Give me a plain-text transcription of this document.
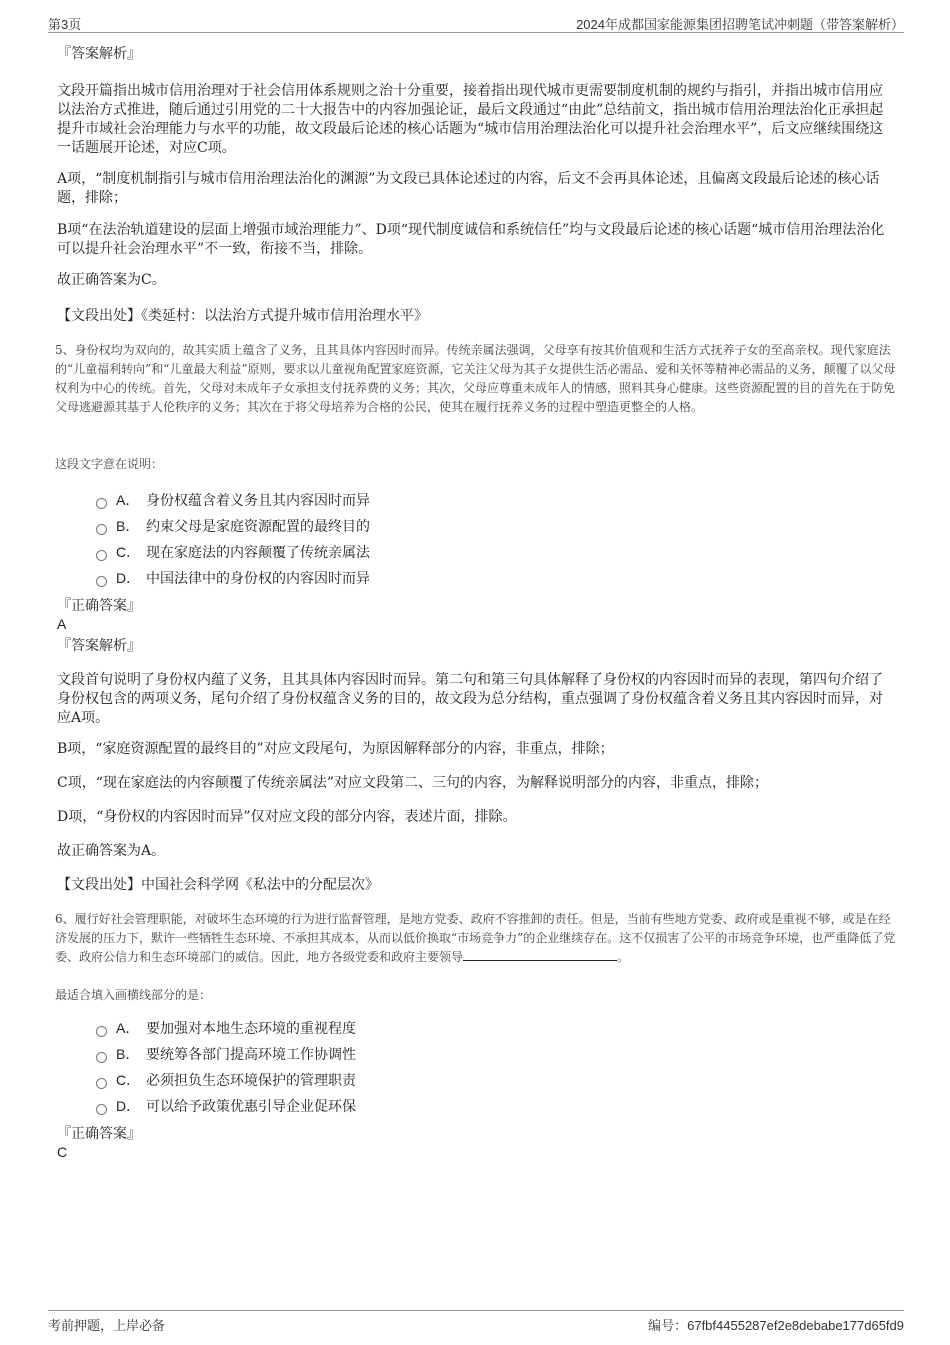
第3页	2024年成都国家能源集团招聘笔试冲刺题（带答案解析）
『答案解析』
文段开篇指出城市信用治理对于社会信用体系规则之治十分重要，接着指出现代城市更需要制度机制的规约与指引，并指出城市信用应以法治方式推进，随后通过引用党的二十大报告中的内容加强论证，最后文段通过“由此”总结前文，指出城市信用治理法治化正承担起提升市域社会治理能力与水平的功能，故文段最后论述的核心话题为“城市信用治理法治化可以提升社会治理水平”，后文应继续围绕这一话题展开论述，对应C项。
A项，“制度机制指引与城市信用治理法治化的渊源”为文段已具体论述过的内容，后文不会再具体论述，且偏离文段最后论述的核心话题，排除；
B项“在法治轨道建设的层面上增强市域治理能力”、D项“现代制度诚信和系统信任”均与文段最后论述的核心话题“城市信用治理法治化可以提升社会治理水平”不一致，衔接不当，排除。
故正确答案为C。
【文段出处】《类延村：以法治方式提升城市信用治理水平》
5、身份权均为双向的，故其实质上蕴含了义务，且其具体内容因时而异。传统亲属法强调，父母享有按其价值观和生活方式抚养子女的至高亲权。现代家庭法的“儿童福利转向”和“儿童最大利益”原则，要求以儿童视角配置家庭资源，它关注父母为其子女提供生活必需品、爱和关怀等精神必需品的义务，颠覆了以父母权利为中心的传统。首先，父母对未成年子女承担支付抚养费的义务；其次，父母应尊重未成年人的情感，照料其身心健康。这些资源配置的目的首先在于防免父母逃避源其基于人伦秩序的义务；其次在于将父母培养为合格的公民，使其在履行抚养义务的过程中塑造更整全的人格。
这段文字意在说明：
A． 身份权蕴含着义务且其内容因时而异
B． 约束父母是家庭资源配置的最终目的
C． 现在家庭法的内容颠覆了传统亲属法
D． 中国法律中的身份权的内容因时而异
『正确答案』
A
『答案解析』
文段首句说明了身份权内蕴了义务，且其具体内容因时而异。第二句和第三句具体解释了身份权的内容因时而异的表现，第四句介绍了身份权包含的两项义务，尾句介绍了身份权蕴含义务的目的，故文段为总分结构，重点强调了身份权蕴含着义务且其内容因时而异，对应A项。
B项，“家庭资源配置的最终目的”对应文段尾句，为原因解释部分的内容，非重点，排除；
C项，“现在家庭法的内容颠覆了传统亲属法”对应文段第二、三句的内容，为解释说明部分的内容，非重点，排除；
D项，“身份权的内容因时而异”仅对应文段的部分内容，表述片面，排除。
故正确答案为A。
【文段出处】中国社会科学网《私法中的分配层次》
6、履行好社会管理职能，对破坏生态环境的行为进行监督管理，是地方党委、政府不容推卸的责任。但是，当前有些地方党委、政府或是重视不够，或是在经济发展的压力下，默许一些牺牲生态环境、不承担其成本，从而以低价换取“市场竞争力”的企业继续存在。这不仅损害了公平的市场竞争环境，也严重降低了党委、政府公信力和生态环境部门的威信。因此，地方各级党委和政府主要领导	。
最适合填入画横线部分的是：
A． 要加强对本地生态环境的重视程度
B． 要统筹各部门提高环境工作协调性
C． 必须担负生态环境保护的管理职责
D． 可以给予政策优惠引导企业促环保
『正确答案』
C
考前押题，上岸必备	编号：67fbf4455287ef2e8debabe177d65fd9
